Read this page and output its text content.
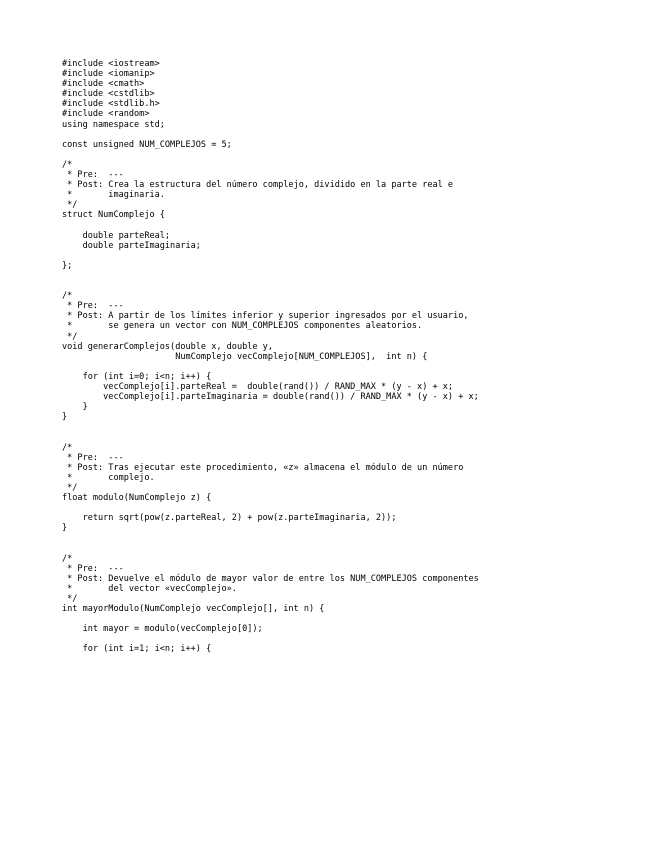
#include <iostream>
#include <iomanip>
#include <cmath>
#include <cstdlib>
#include <stdlib.h>
#include <random>
using namespace std;
const unsigned NUM_COMPLEJOS = 5;
/*
* Pre:  ---
* Post: Crea la estructura del número complejo, dividido en la parte real e
*       imaginaria.
*/
struct NumComplejo {
double parteReal;
double parteImaginaria;
};
/*
* Pre:  ---
* Post: A partir de los límites inferior y superior ingresados por el usuario,
*       se genera un vector con NUM_COMPLEJOS componentes aleatorios.
*/
void generarComplejos(double x, double y,
NumComplejo vecComplejo[NUM_COMPLEJOS],  int n) {
for (int i=0; i<n; i++) {
vecComplejo[i].parteReal =  double(rand()) / RAND_MAX * (y - x) + x;
vecComplejo[i].parteImaginaria = double(rand()) / RAND_MAX * (y - x) + x;
}
}
/*
* Pre:  ---
* Post: Tras ejecutar este procedimiento, «z» almacena el módulo de un número
*       complejo.
*/
float modulo(NumComplejo z) {
return sqrt(pow(z.parteReal, 2) + pow(z.parteImaginaria, 2));
}
/*
* Pre:  ---
* Post: Devuelve el módulo de mayor valor de entre los NUM_COMPLEJOS componentes
*       del vector «vecComplejo».
*/
int mayorModulo(NumComplejo vecComplejo[], int n) {
int mayor = modulo(vecComplejo[0]);
for (int i=1; i<n; i++) {
